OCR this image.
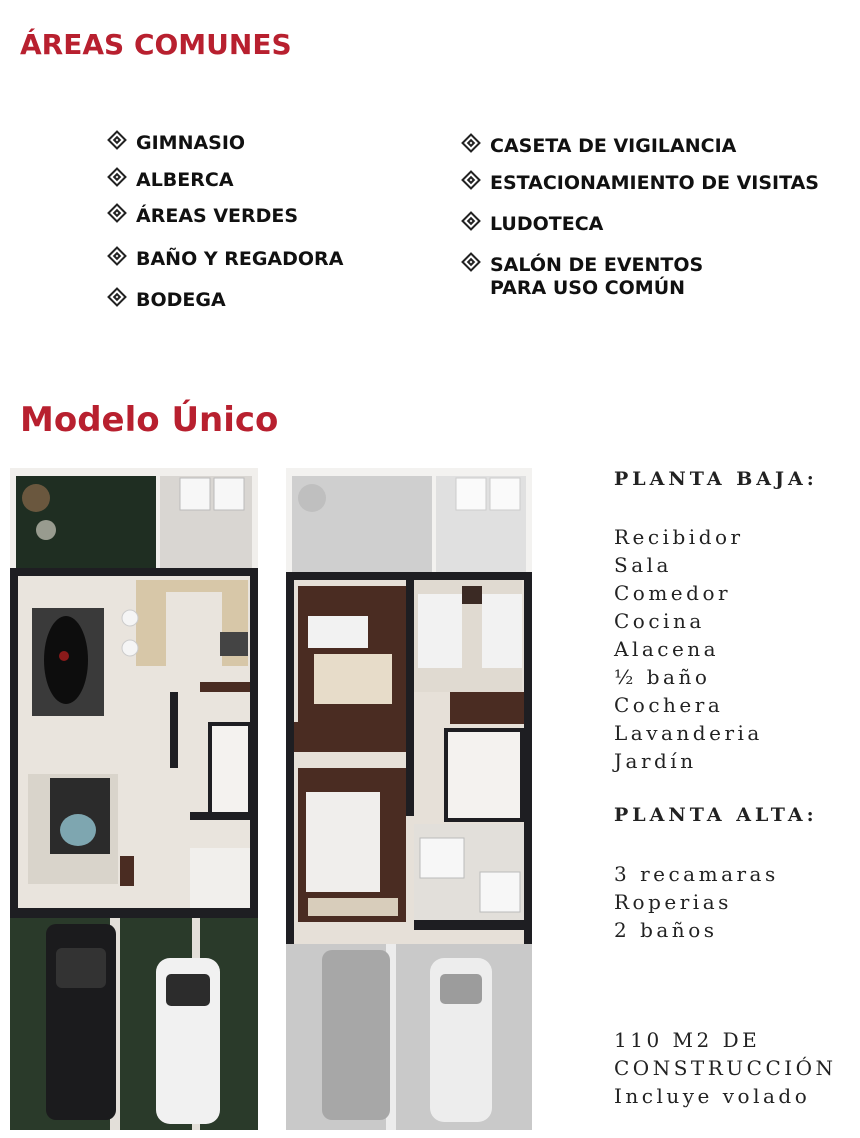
ÁREAS COMUNES
GIMNASIO
ALBERCA
ÁREAS VERDES
BAÑO Y REGADORA
BODEGA
CASETA DE VIGILANCIA
ESTACIONAMIENTO DE VISITAS
LUDOTECA
SALÓN DE EVENTOS
PARA USO COMÚN
Modelo Único
PLANTA BAJA:
Recibidor
Sala
Comedor
Cocina
Alacena
½ baño
Cochera
Lavanderia
Jardín
PLANTA ALTA:
3 recamaras
Roperias
2 baños
110 M2 DE
CONSTRUCCIÓN
Incluye volado
